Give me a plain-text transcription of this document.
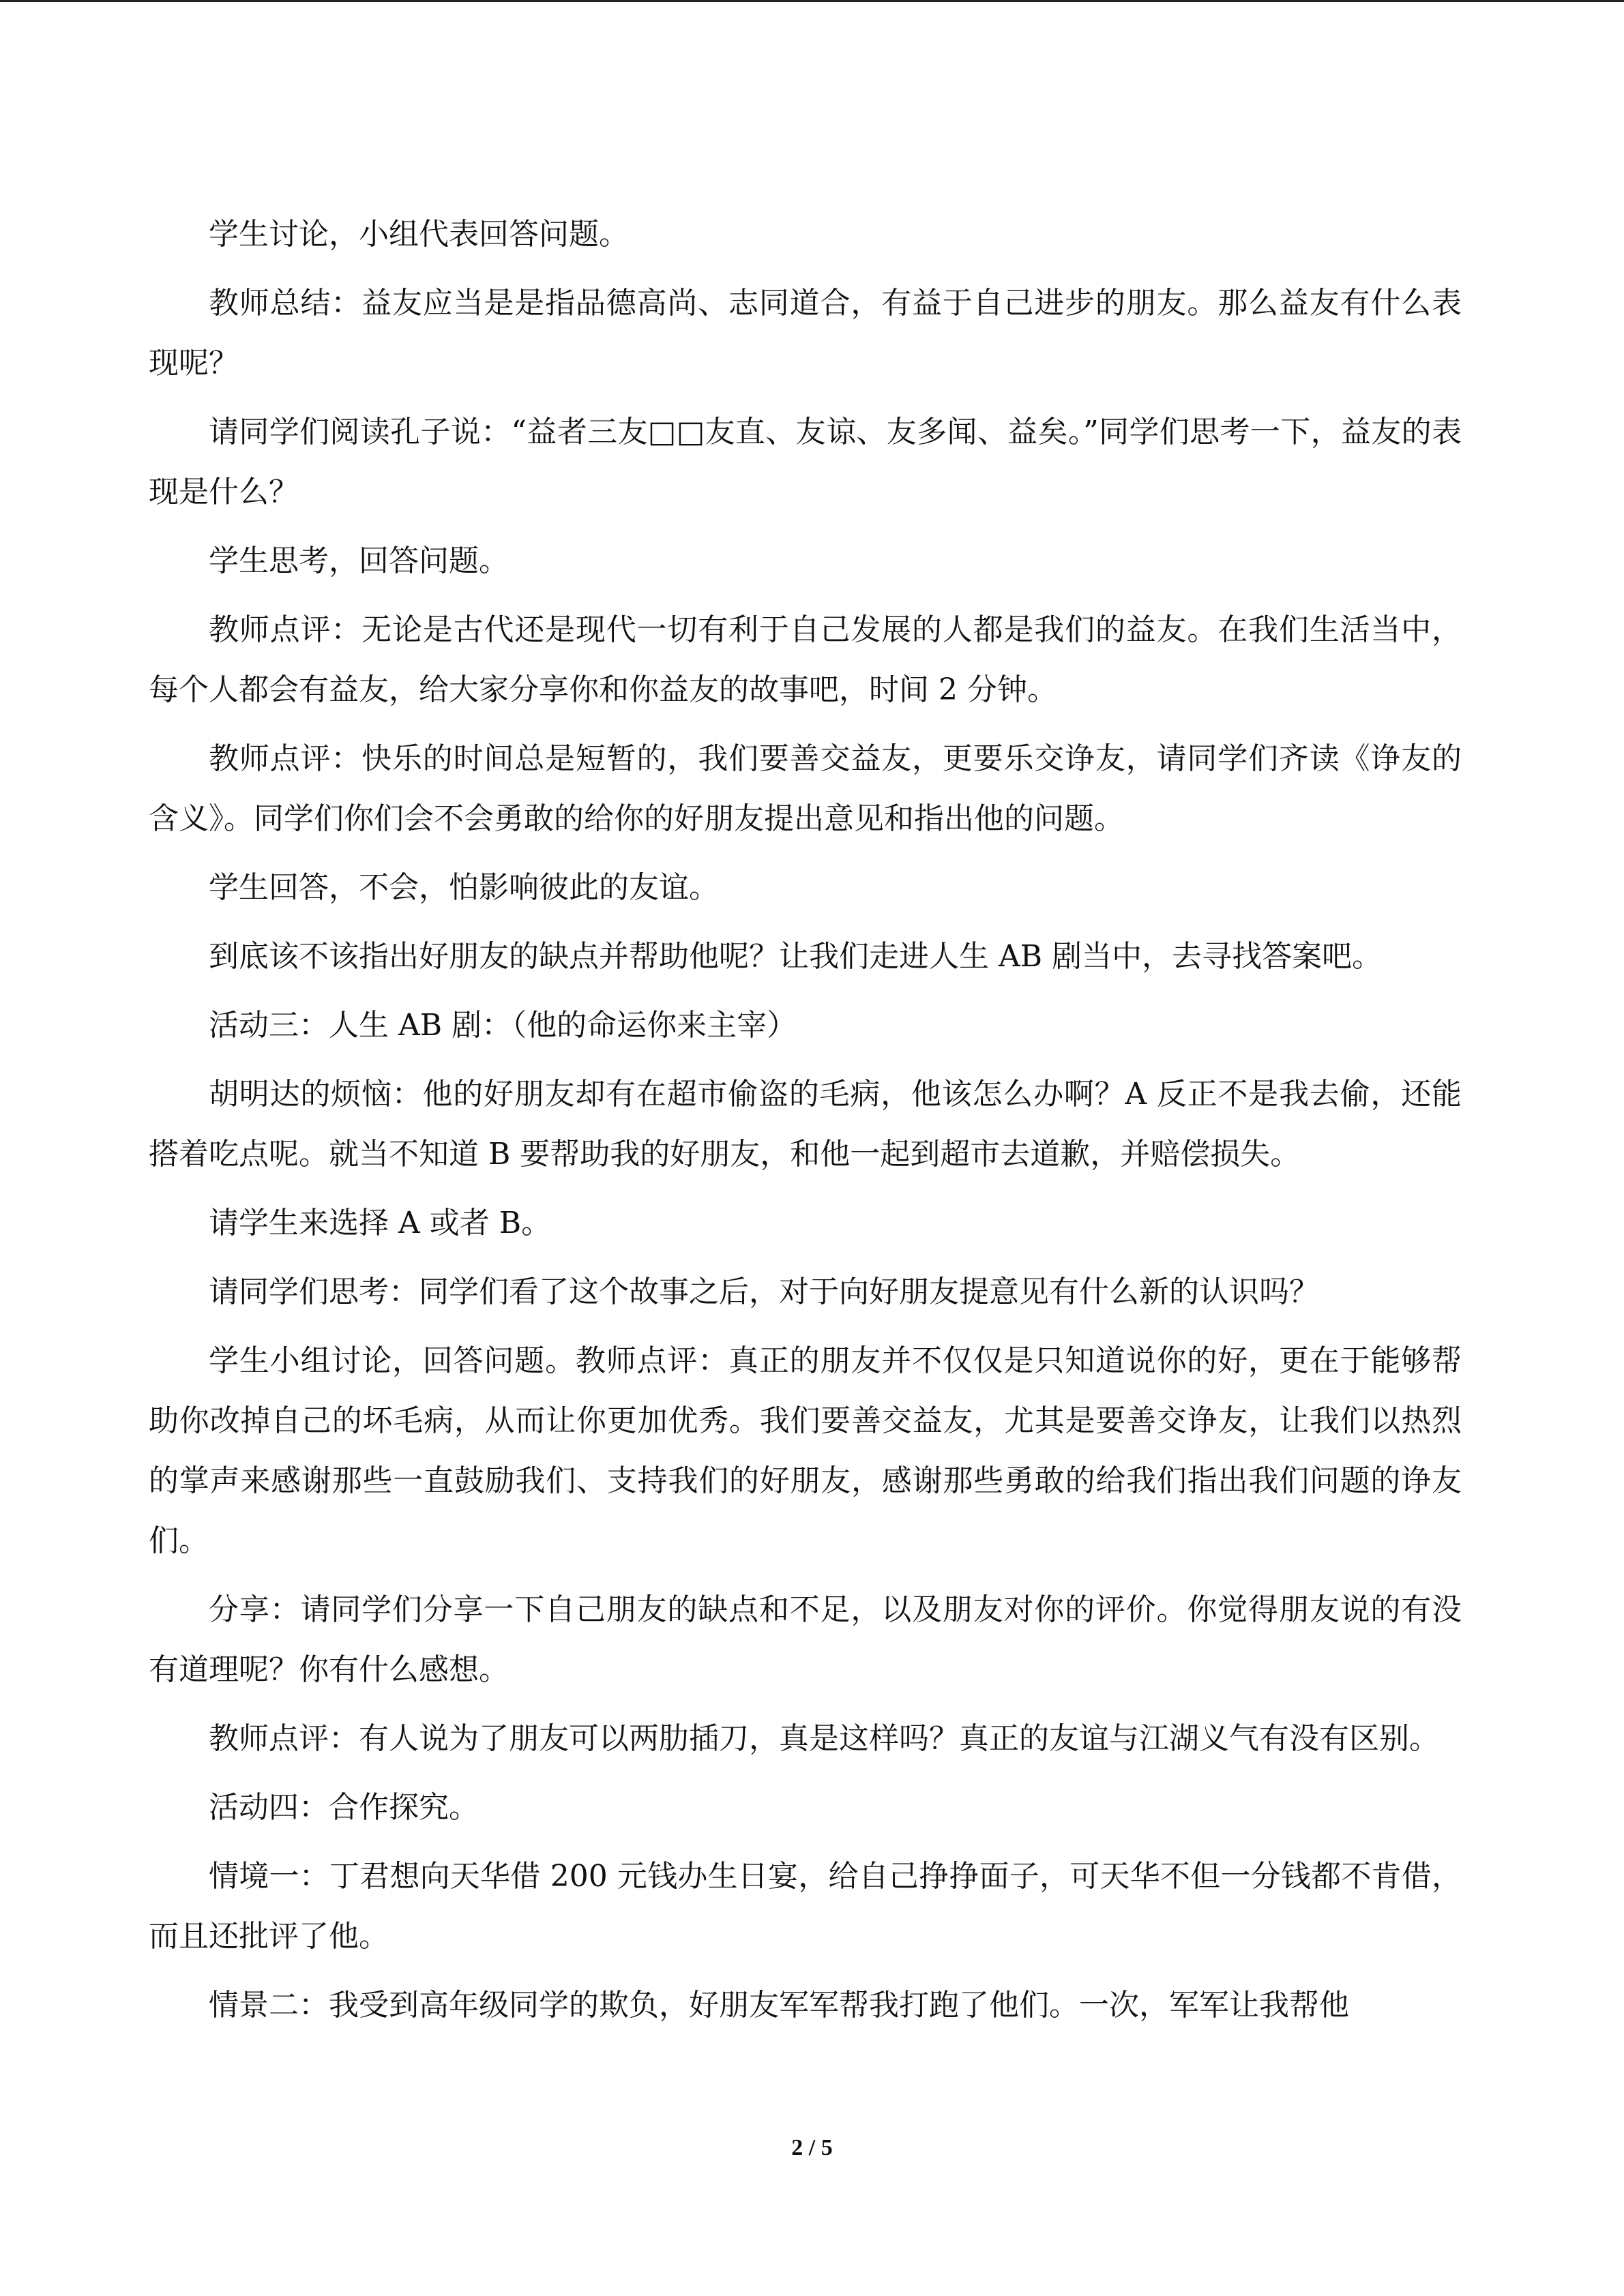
学生讨论，小组代表回答问题。

教师总结：益友应当是是指品德高尚、志同道合，有益于自己进步的朋友。那么益友有什么表现呢？

请同学们阅读孔子说：“益者三友□□友直、友谅、友多闻、益矣。”同学们思考一下，益友的表现是什么？

学生思考，回答问题。

教师点评：无论是古代还是现代一切有利于自己发展的人都是我们的益友。在我们生活当中，每个人都会有益友，给大家分享你和你益友的故事吧，时间 2 分钟。

教师点评：快乐的时间总是短暂的，我们要善交益友，更要乐交诤友，请同学们齐读《诤友的含义》。同学们你们会不会勇敢的给你的好朋友提出意见和指出他的问题。

学生回答，不会，怕影响彼此的友谊。

到底该不该指出好朋友的缺点并帮助他呢？让我们走进人生 AB 剧当中，去寻找答案吧。

活动三：人生 AB 剧：（他的命运你来主宰）

胡明达的烦恼：他的好朋友却有在超市偷盗的毛病，他该怎么办啊？A 反正不是我去偷，还能搭着吃点呢。就当不知道 B 要帮助我的好朋友，和他一起到超市去道歉，并赔偿损失。

请学生来选择 A 或者 B。

请同学们思考：同学们看了这个故事之后，对于向好朋友提意见有什么新的认识吗？

学生小组讨论，回答问题。教师点评：真正的朋友并不仅仅是只知道说你的好，更在于能够帮助你改掉自己的坏毛病，从而让你更加优秀。我们要善交益友，尤其是要善交诤友，让我们以热烈的掌声来感谢那些一直鼓励我们、支持我们的好朋友，感谢那些勇敢的给我们指出我们问题的诤友们。

分享：请同学们分享一下自己朋友的缺点和不足，以及朋友对你的评价。你觉得朋友说的有没有道理呢？你有什么感想。

教师点评：有人说为了朋友可以两肋插刀，真是这样吗？真正的友谊与江湖义气有没有区别。

活动四：合作探究。

情境一：丁君想向天华借 200 元钱办生日宴，给自己挣挣面子，可天华不但一分钱都不肯借，而且还批评了他。

情景二：我受到高年级同学的欺负，好朋友军军帮我打跑了他们。一次，军军让我帮他

2 / 5
